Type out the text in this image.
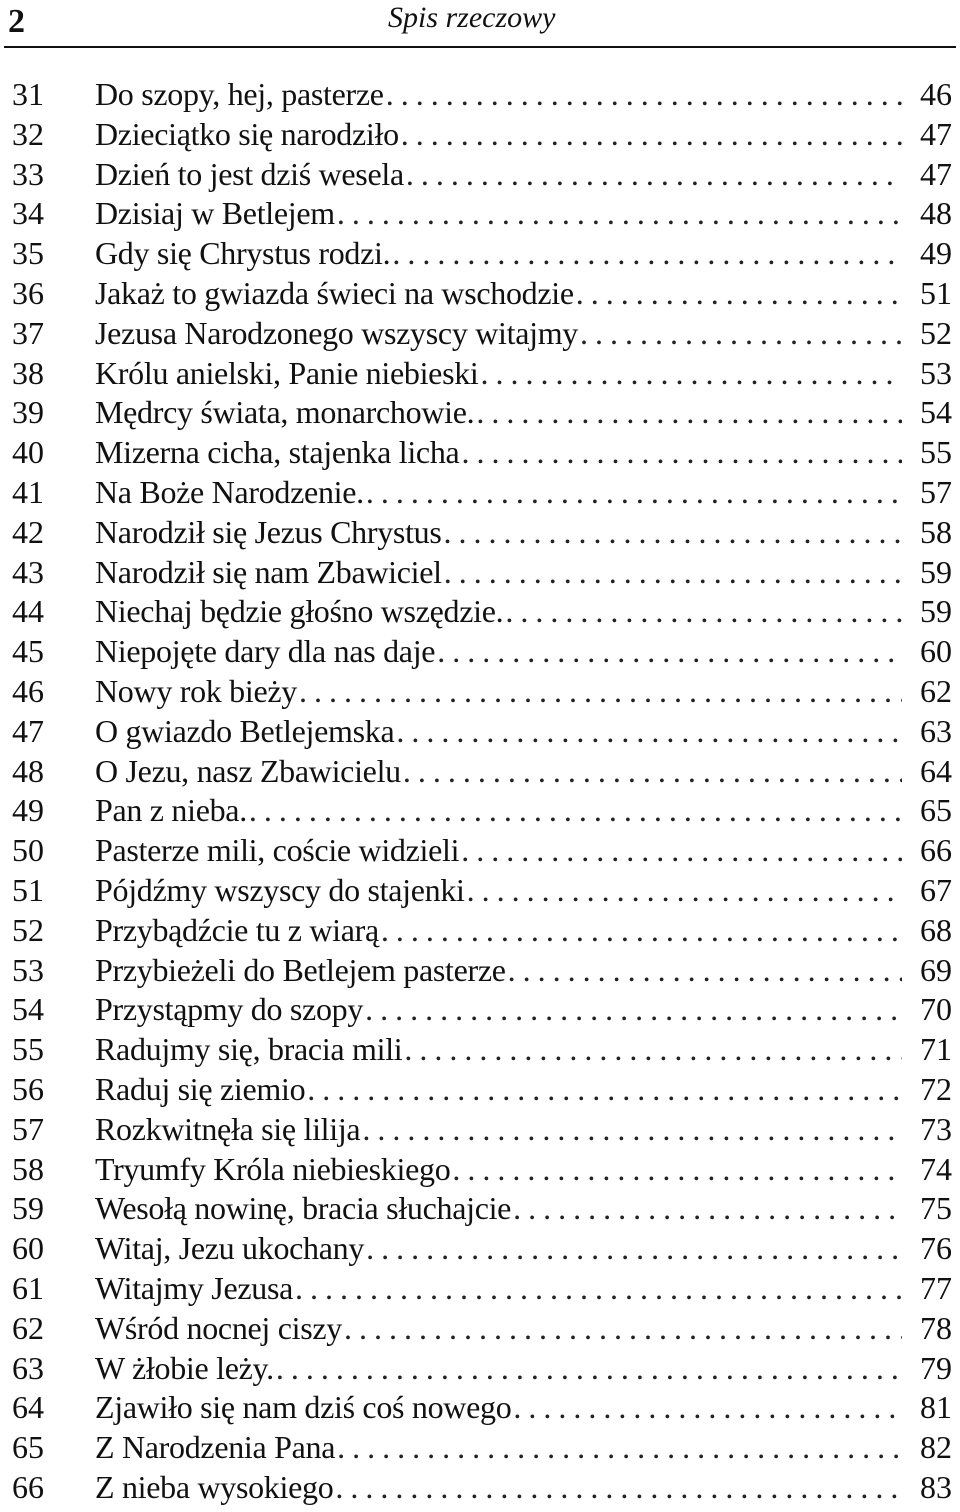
2	Spis rzeczowy
31	Do szopy, hej, pasterze . . .	46
32	Dzieciątko się narodziło . . .	47
33	Dzień to jest dziś wesela . . .	47
34	Dzisiaj w Betlejem . . .	48
35	Gdy się Chrystus rodzi. . . .	49
36	Jakaż to gwiazda świeci na wschodzie . . .	51
37	Jezusa Narodzonego wszyscy witajmy . . .	52
38	Królu anielski, Panie niebieski . . .	53
39	Mędrcy świata, monarchowie. . . .	54
40	Mizerna cicha, stajenka licha . . .	55
41	Na Boże Narodzenie. . . .	57
42	Narodził się Jezus Chrystus . . .	58
43	Narodził się nam Zbawiciel . . .	59
44	Niechaj będzie głośno wszędzie. . . .	59
45	Niepojęte dary dla nas daje . . .	60
46	Nowy rok bieży . . .	62
47	O gwiazdo Betlejemska . . .	63
48	O Jezu, nasz Zbawicielu . . .	64
49	Pan z nieba. . . .	65
50	Pasterze mili, coście widzieli . . .	66
51	Pójdźmy wszyscy do stajenki . . .	67
52	Przybądźcie tu z wiarą . . .	68
53	Przybieżeli do Betlejem pasterze . . .	69
54	Przystąpmy do szopy . . .	70
55	Radujmy się, bracia mili . . .	71
56	Raduj się ziemio . . .	72
57	Rozkwitnęła się lilija . . .	73
58	Tryumfy Króla niebieskiego . . .	74
59	Wesołą nowinę, bracia słuchajcie . . .	75
60	Witaj, Jezu ukochany . . .	76
61	Witajmy Jezusa . . .	77
62	Wśród nocnej ciszy . . .	78
63	W żłobie leży. . . .	79
64	Zjawiło się nam dziś coś nowego . . .	81
65	Z Narodzenia Pana . . .	82
66	Z nieba wysokiego . . .	83
